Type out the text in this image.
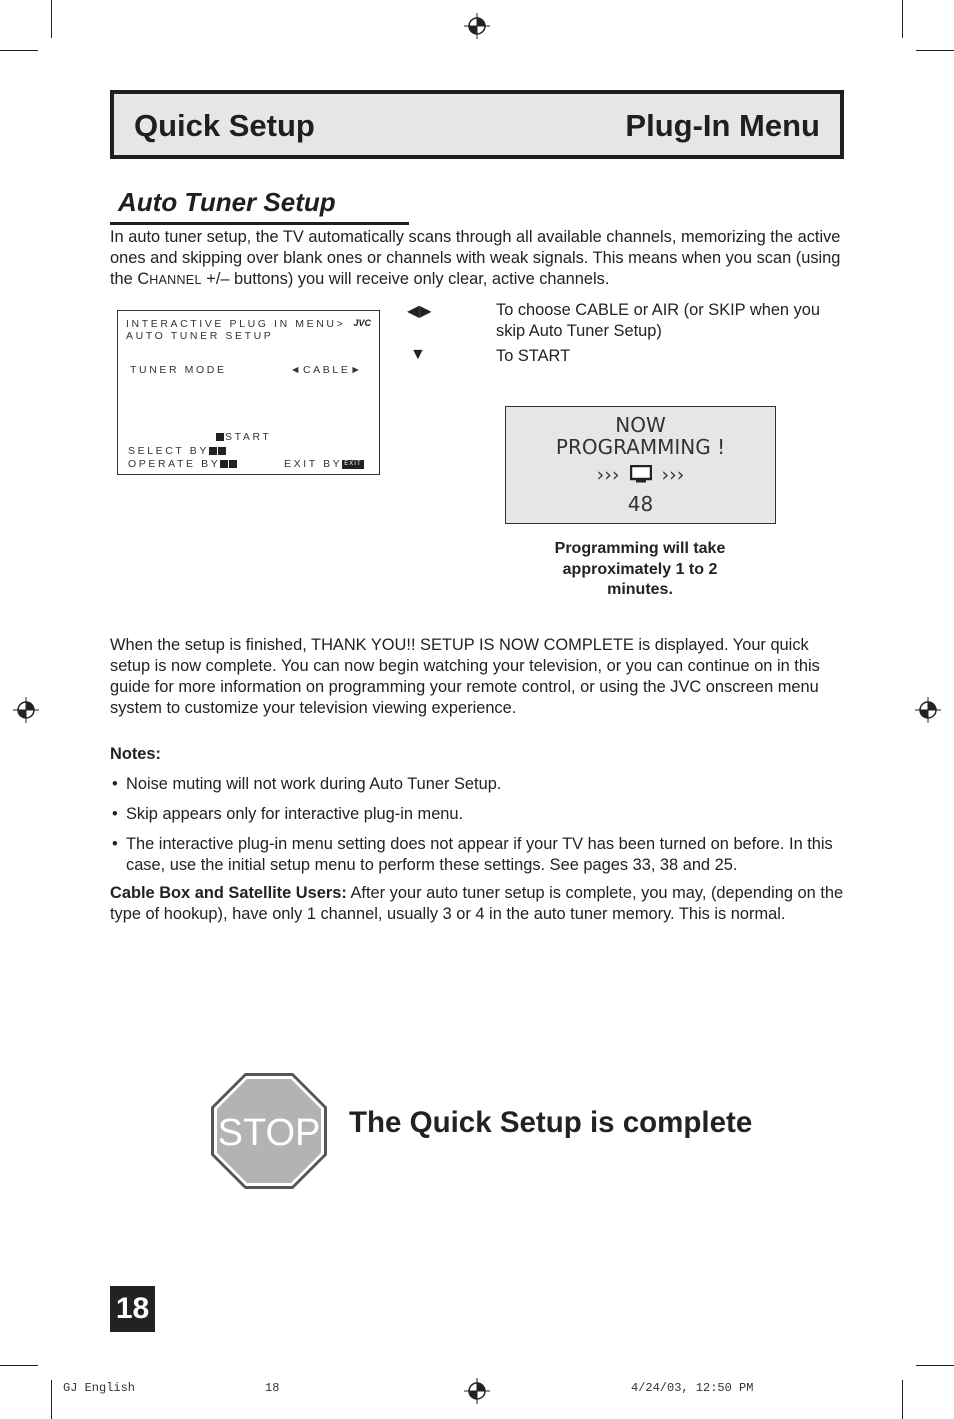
Quick Setup	Plug-In Menu
Auto Tuner Setup

In auto tuner setup, the TV automatically scans through all available channels, memorizing the active ones and skipping over blank ones or channels with weak signals. This means when you scan (using the CHANNEL +/– buttons) you will receive only clear, active channels.

INTERACTIVE PLUG IN MENU> JVC
AUTO TUNER SETUP
TUNER MODE	◄CABLE►
START
SELECT BY
OPERATE BY	EXIT BY EXIT
◀▶	To choose CABLE or AIR (or SKIP when you skip Auto Tuner Setup)
▼	To START
NOW
PROGRAMMING !
››› ›››
48
Programming will take approximately 1 to 2 minutes.

When the setup is finished, THANK YOU!! SETUP IS NOW COMPLETE is displayed. Your quick setup is now complete. You can now begin watching your television, or you can continue on in this guide for more information on programming your remote control, or using the JVC onscreen menu system to customize your television viewing experience.

Notes:
• Noise muting will not work during Auto Tuner Setup.
• Skip appears only for interactive plug-in menu.
• The interactive plug-in menu setting does not appear if your TV has been turned on before. In this case, use the initial setup menu to perform these settings. See pages 33, 38 and 25.

Cable Box and Satellite Users: After your auto tuner setup is complete, you may, (depending on the type of hookup), have only 1 channel, usually 3 or 4 in the auto tuner memory. This is normal.

STOP The Quick Setup is complete
18
GJ English	18	4/24/03, 12:50 PM
